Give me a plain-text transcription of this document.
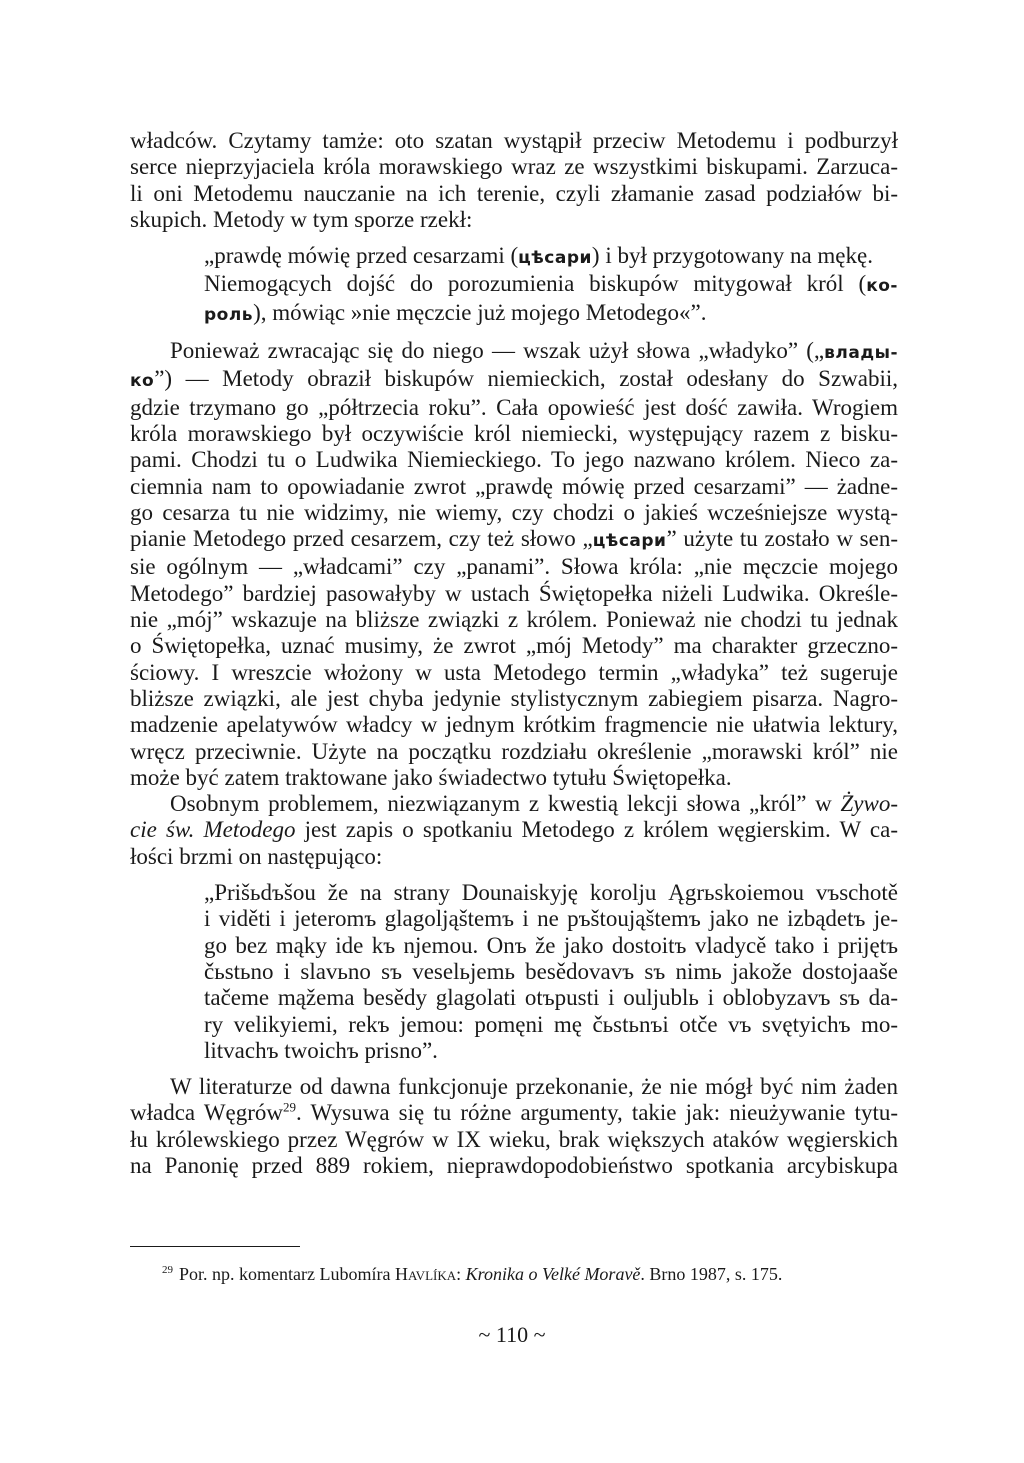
władców. Czytamy tamże: oto szatan wystąpił przeciw Metodemu i podburzył
serce nieprzyjaciela króla morawskiego wraz ze wszystkimi biskupami. Zarzuca-
li oni Metodemu nauczanie na ich terenie, czyli złamanie zasad podziałów bi-
skupich. Metody w tym sporze rzekł:
„prawdę mówię przed cesarzami (цѣсари) i był przygotowany na mękę.
Niemogących dojść do porozumienia biskupów mitygował król (ко-
роль), mówiąc »nie męczcie już mojego Metodego«”.
Ponieważ zwracając się do niego — wszak użył słowa „władyko” („влады-
ко”) — Metody obraził biskupów niemieckich, został odesłany do Szwabii,
gdzie trzymano go „półtrzecia roku”. Cała opowieść jest dość zawiła. Wrogiem
króla morawskiego był oczywiście król niemiecki, występujący razem z bisku-
pami. Chodzi tu o Ludwika Niemieckiego. To jego nazwano królem. Nieco za-
ciemnia nam to opowiadanie zwrot „prawdę mówię przed cesarzami” — żadne-
go cesarza tu nie widzimy, nie wiemy, czy chodzi o jakieś wcześniejsze wystą-
pianie Metodego przed cesarzem, czy też słowo „цѣсари” użyte tu zostało w sen-
sie ogólnym — „władcami” czy „panami”. Słowa króla: „nie męczcie mojego
Metodego” bardziej pasowałyby w ustach Świętopełka niżeli Ludwika. Określe-
nie „mój” wskazuje na bliższe związki z królem. Ponieważ nie chodzi tu jednak
o Świętopełka, uznać musimy, że zwrot „mój Metody” ma charakter grzeczno-
ściowy. I wreszcie włożony w usta Metodego termin „władyka” też sugeruje
bliższe związki, ale jest chyba jedynie stylistycznym zabiegiem pisarza. Nagro-
madzenie apelatywów władcy w jednym krótkim fragmencie nie ułatwia lektury,
wręcz przeciwnie. Użyte na początku rozdziału określenie „morawski król” nie
może być zatem traktowane jako świadectwo tytułu Świętopełka.
Osobnym problemem, niezwiązanym z kwestią lekcji słowa „król” w Żywo-
cie św. Metodego jest zapis o spotkaniu Metodego z królem węgierskim. W ca-
łości brzmi on następująco:
„Prišьdъšou že na strany Dounaiskyję korolju Ągrьskoiemou vъschotě
i viděti i jeteromъ glagoljąštemъ i ne pъštoująštemъ jako ne izbądetъ je-
go bez mąky ide kъ njemou. Onъ že jako dostoitъ vladycě tako i prijętъ
čьstьno i slavьno sъ veselьjemь besědovavъ sъ nimь jakože dostojaaše
tačeme mąžema besědy glagolati otъpusti i ouljublь i oblobyzavъ sъ da-
ry velikyiemi, rekъ jemou: pomęni mę čьstьnъi otče vъ svętyichъ mo-
litvachъ twoichъ prisno”.
W literaturze od dawna funkcjonuje przekonanie, że nie mógł być nim żaden
władca Węgrów$^{29}$. Wysuwa się tu różne argumenty, takie jak: nieużywanie tytu-
łu królewskiego przez Węgrów w IX wieku, brak większych ataków węgierskich
na Panonię przed 889 rokiem, nieprawdopodobieństwo spotkania arcybiskupa
$^{29}$ Por. np. komentarz Lubomíra Havlíka: Kronika o Velké Moravě. Brno 1987, s. 175.
~ 110 ~
